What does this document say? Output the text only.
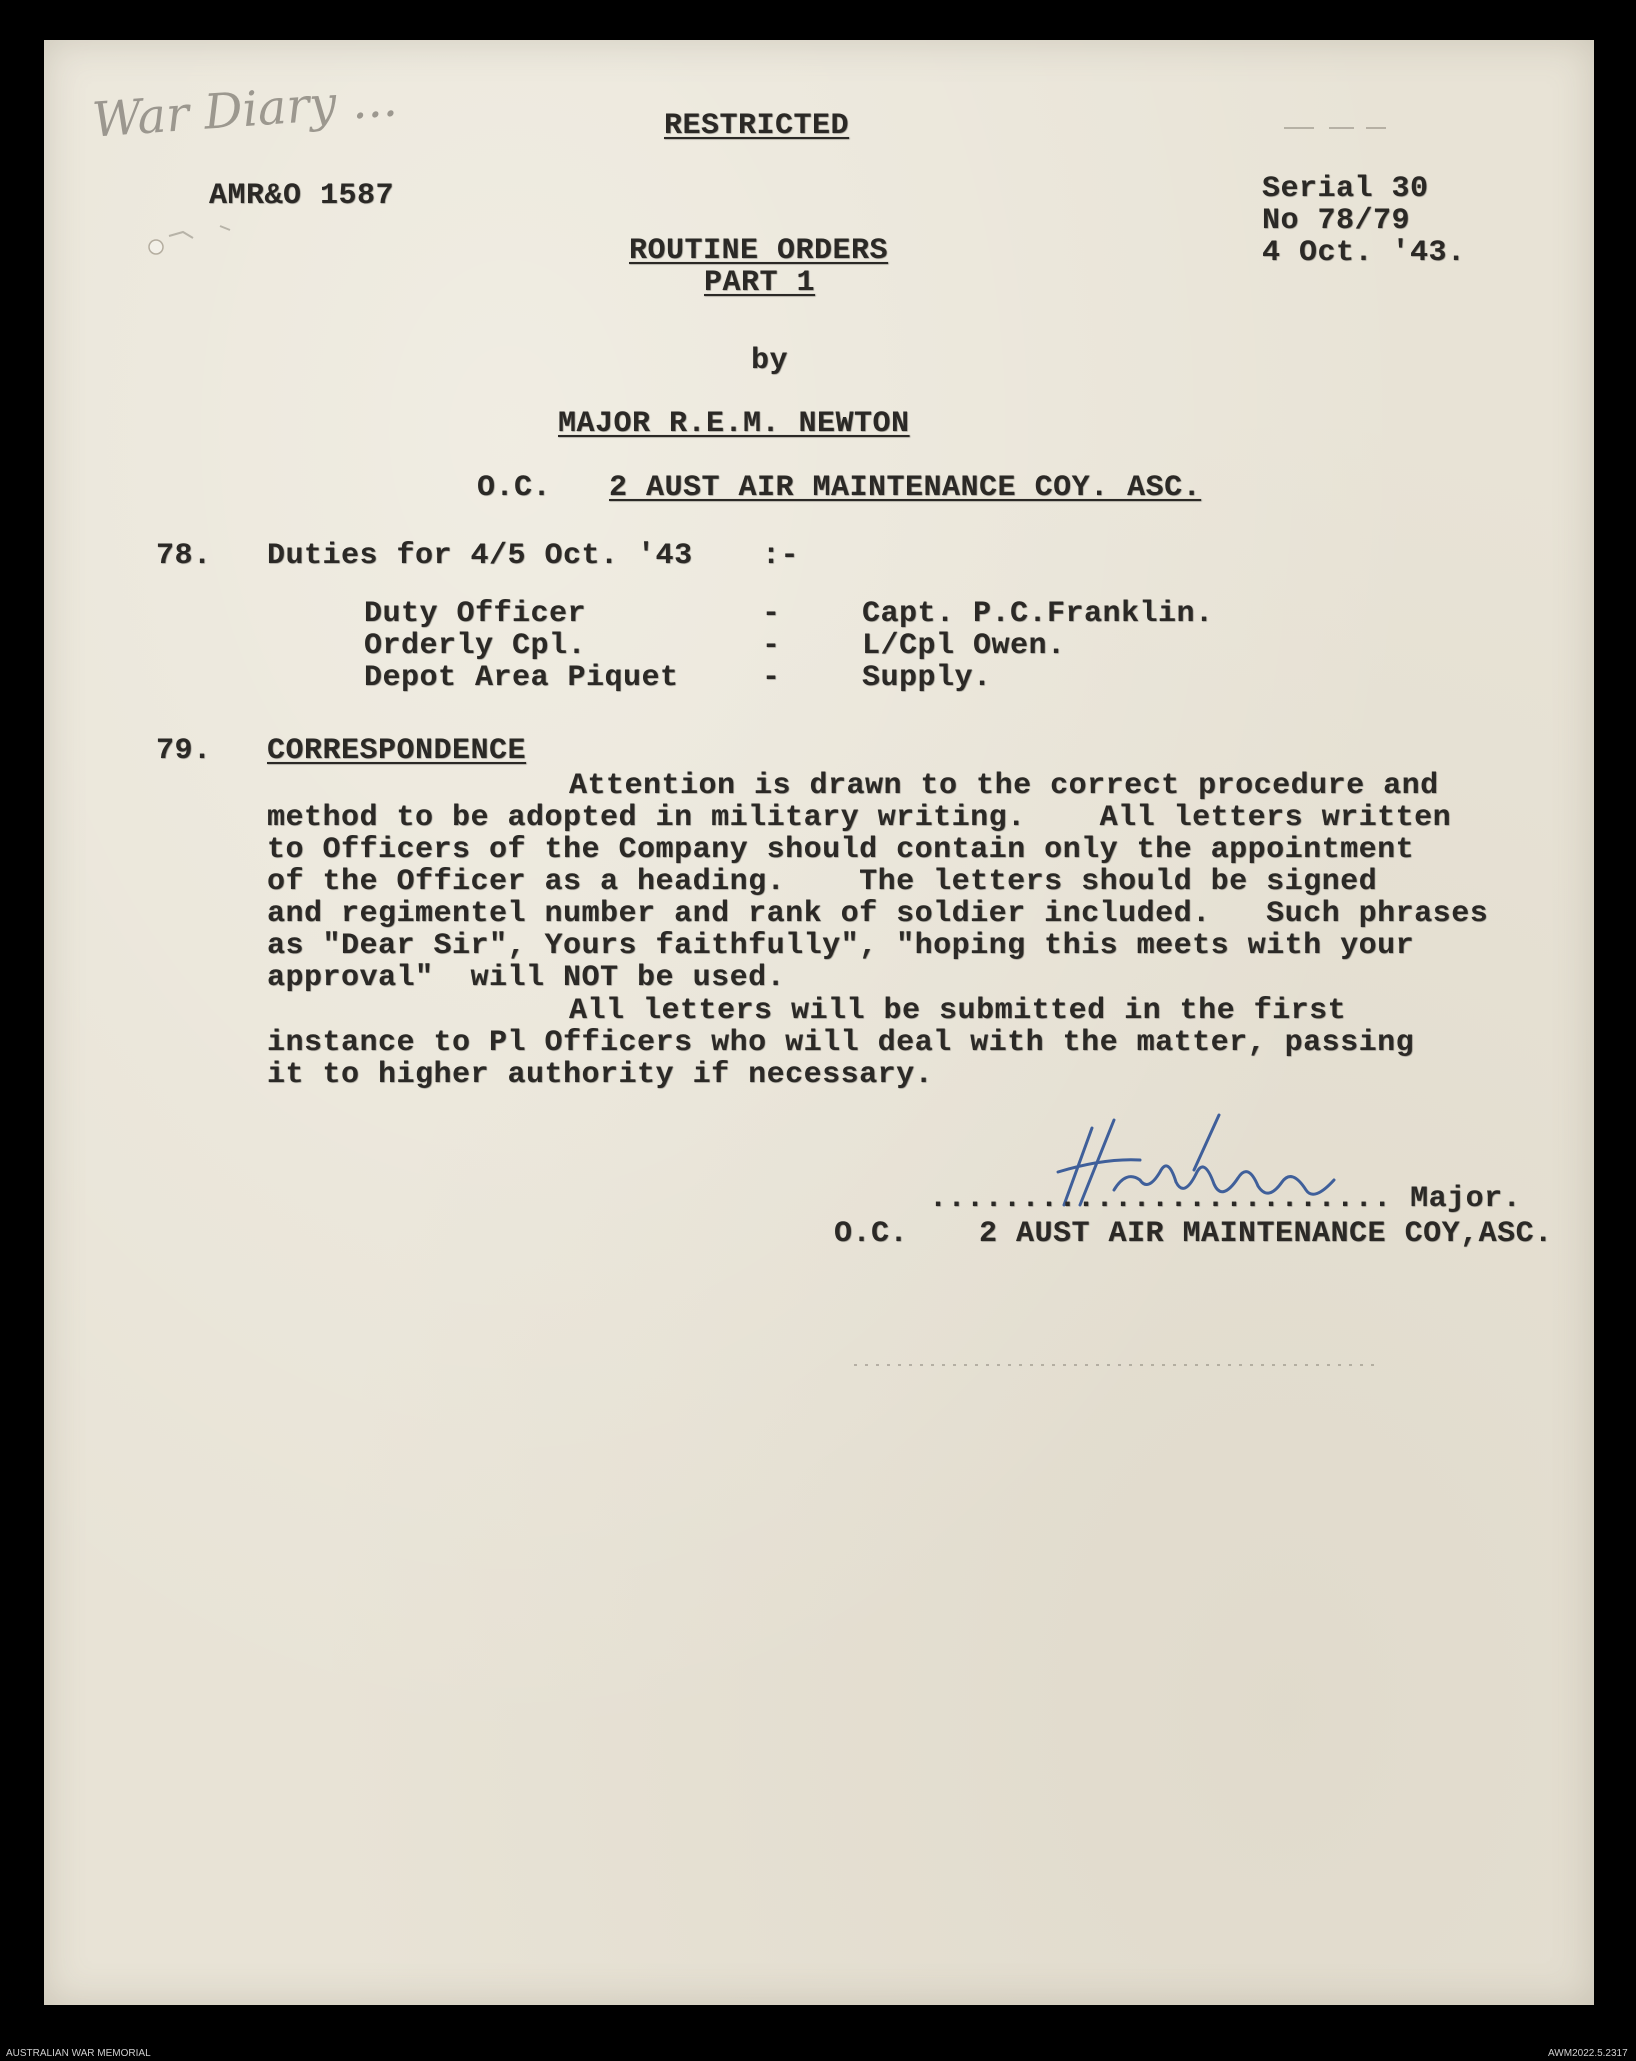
War Diary ...	RESTRICTED
AMR&O 1587	Serial 30
No 78/79
4 Oct. '43.
ROUTINE ORDERS
PART 1
by
MAJOR R.E.M. NEWTON
O.C. 2 AUST AIR MAINTENANCE COY. ASC.
78. Duties for 4/5 Oct. '43 :-
Duty Officer	-	Capt. P.C.Franklin.
Orderly Cpl.	-	L/Cpl Owen.
Depot Area Piquet	-	Supply.
79. CORRESPONDENCE
Attention is drawn to the correct procedure and
method to be adopted in military writing.    All letters written
to Officers of the Company should contain only the appointment
of the Officer as a heading.    The letters should be signed
and regimentel number and rank of soldier included.   Such phrases
as "Dear Sir", Yours faithfully", "hoping this meets with your
approval"  will NOT be used.
All letters will be submitted in the first
instance to Pl Officers who will deal with the matter, passing
it to higher authority if necessary.
......................... Major.
O.C. 2 AUST AIR MAINTENANCE COY,ASC.
AUSTRALIAN WAR MEMORIAL	AWM2022.5.2317
